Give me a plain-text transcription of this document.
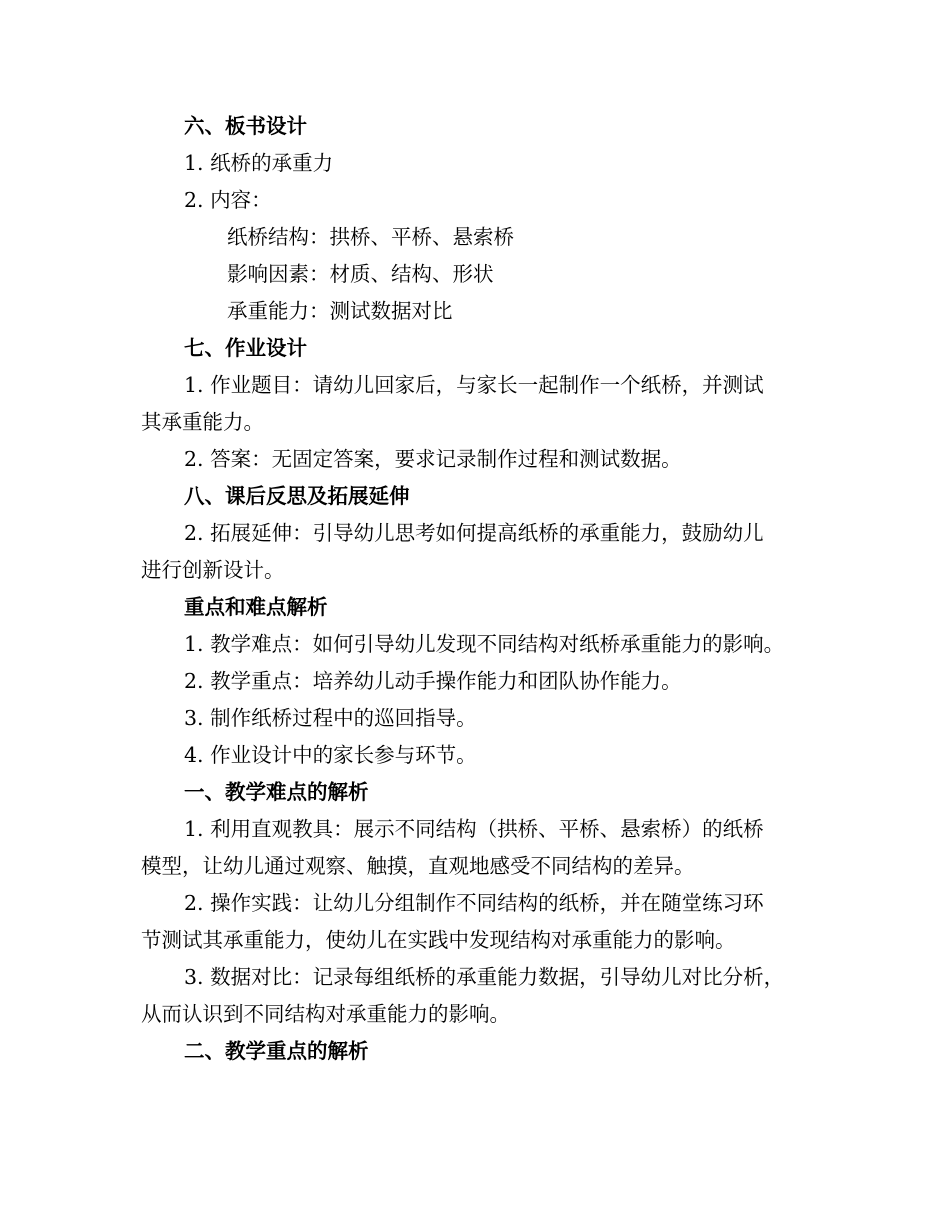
六、板书设计

1. 纸桥的承重力

2. 内容：

纸桥结构：拱桥、平桥、悬索桥

影响因素：材质、结构、形状

承重能力：测试数据对比

七、作业设计

1. 作业题目：请幼儿回家后，与家长一起制作一个纸桥，并测试

其承重能力。

2. 答案：无固定答案，要求记录制作过程和测试数据。

八、课后反思及拓展延伸

2. 拓展延伸：引导幼儿思考如何提高纸桥的承重能力，鼓励幼儿

进行创新设计。

重点和难点解析

1. 教学难点：如何引导幼儿发现不同结构对纸桥承重能力的影响。

2. 教学重点：培养幼儿动手操作能力和团队协作能力。

3. 制作纸桥过程中的巡回指导。

4. 作业设计中的家长参与环节。

一、教学难点的解析

1. 利用直观教具：展示不同结构（拱桥、平桥、悬索桥）的纸桥

模型，让幼儿通过观察、触摸，直观地感受不同结构的差异。

2. 操作实践：让幼儿分组制作不同结构的纸桥，并在随堂练习环

节测试其承重能力，使幼儿在实践中发现结构对承重能力的影响。

3. 数据对比：记录每组纸桥的承重能力数据，引导幼儿对比分析，

从而认识到不同结构对承重能力的影响。

二、教学重点的解析
